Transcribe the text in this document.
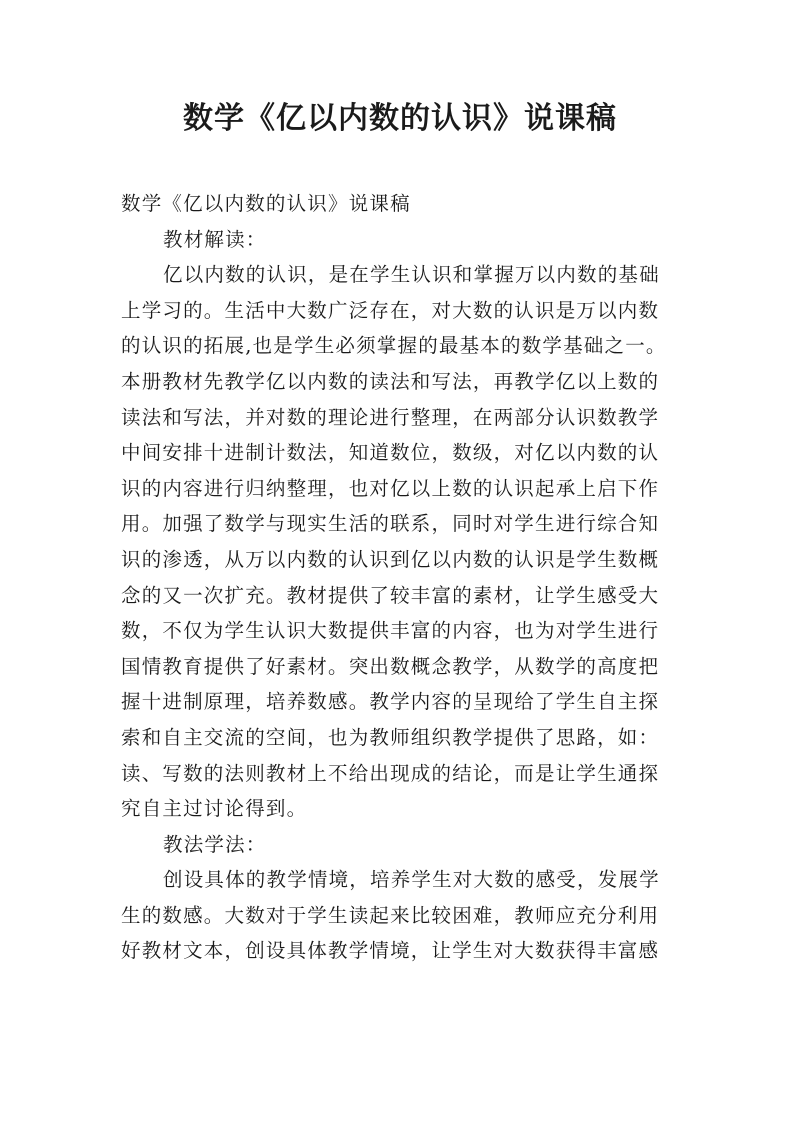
数学《亿以内数的认识》说课稿

数学《亿以内数的认识》说课稿

教材解读：

亿以内数的认识，是在学生认识和掌握万以内数的基础

上学习的。生活中大数广泛存在，对大数的认识是万以内数

的认识的拓展,也是学生必须掌握的最基本的数学基础之一。

本册教材先教学亿以内数的读法和写法，再教学亿以上数的

读法和写法，并对数的理论进行整理，在两部分认识数教学

中间安排十进制计数法，知道数位，数级，对亿以内数的认

识的内容进行归纳整理，也对亿以上数的认识起承上启下作

用。加强了数学与现实生活的联系，同时对学生进行综合知

识的渗透，从万以内数的认识到亿以内数的认识是学生数概

念的又一次扩充。教材提供了较丰富的素材，让学生感受大

数，不仅为学生认识大数提供丰富的内容，也为对学生进行

国情教育提供了好素材。突出数概念教学，从数学的高度把

握十进制原理，培养数感。教学内容的呈现给了学生自主探

索和自主交流的空间，也为教师组织教学提供了思路，如：

读、写数的法则教材上不给出现成的结论，而是让学生通探

究自主过讨论得到。

教法学法：

创设具体的教学情境，培养学生对大数的感受，发展学

生的数感。大数对于学生读起来比较困难，教师应充分利用

好教材文本，创设具体教学情境，让学生对大数获得丰富感
